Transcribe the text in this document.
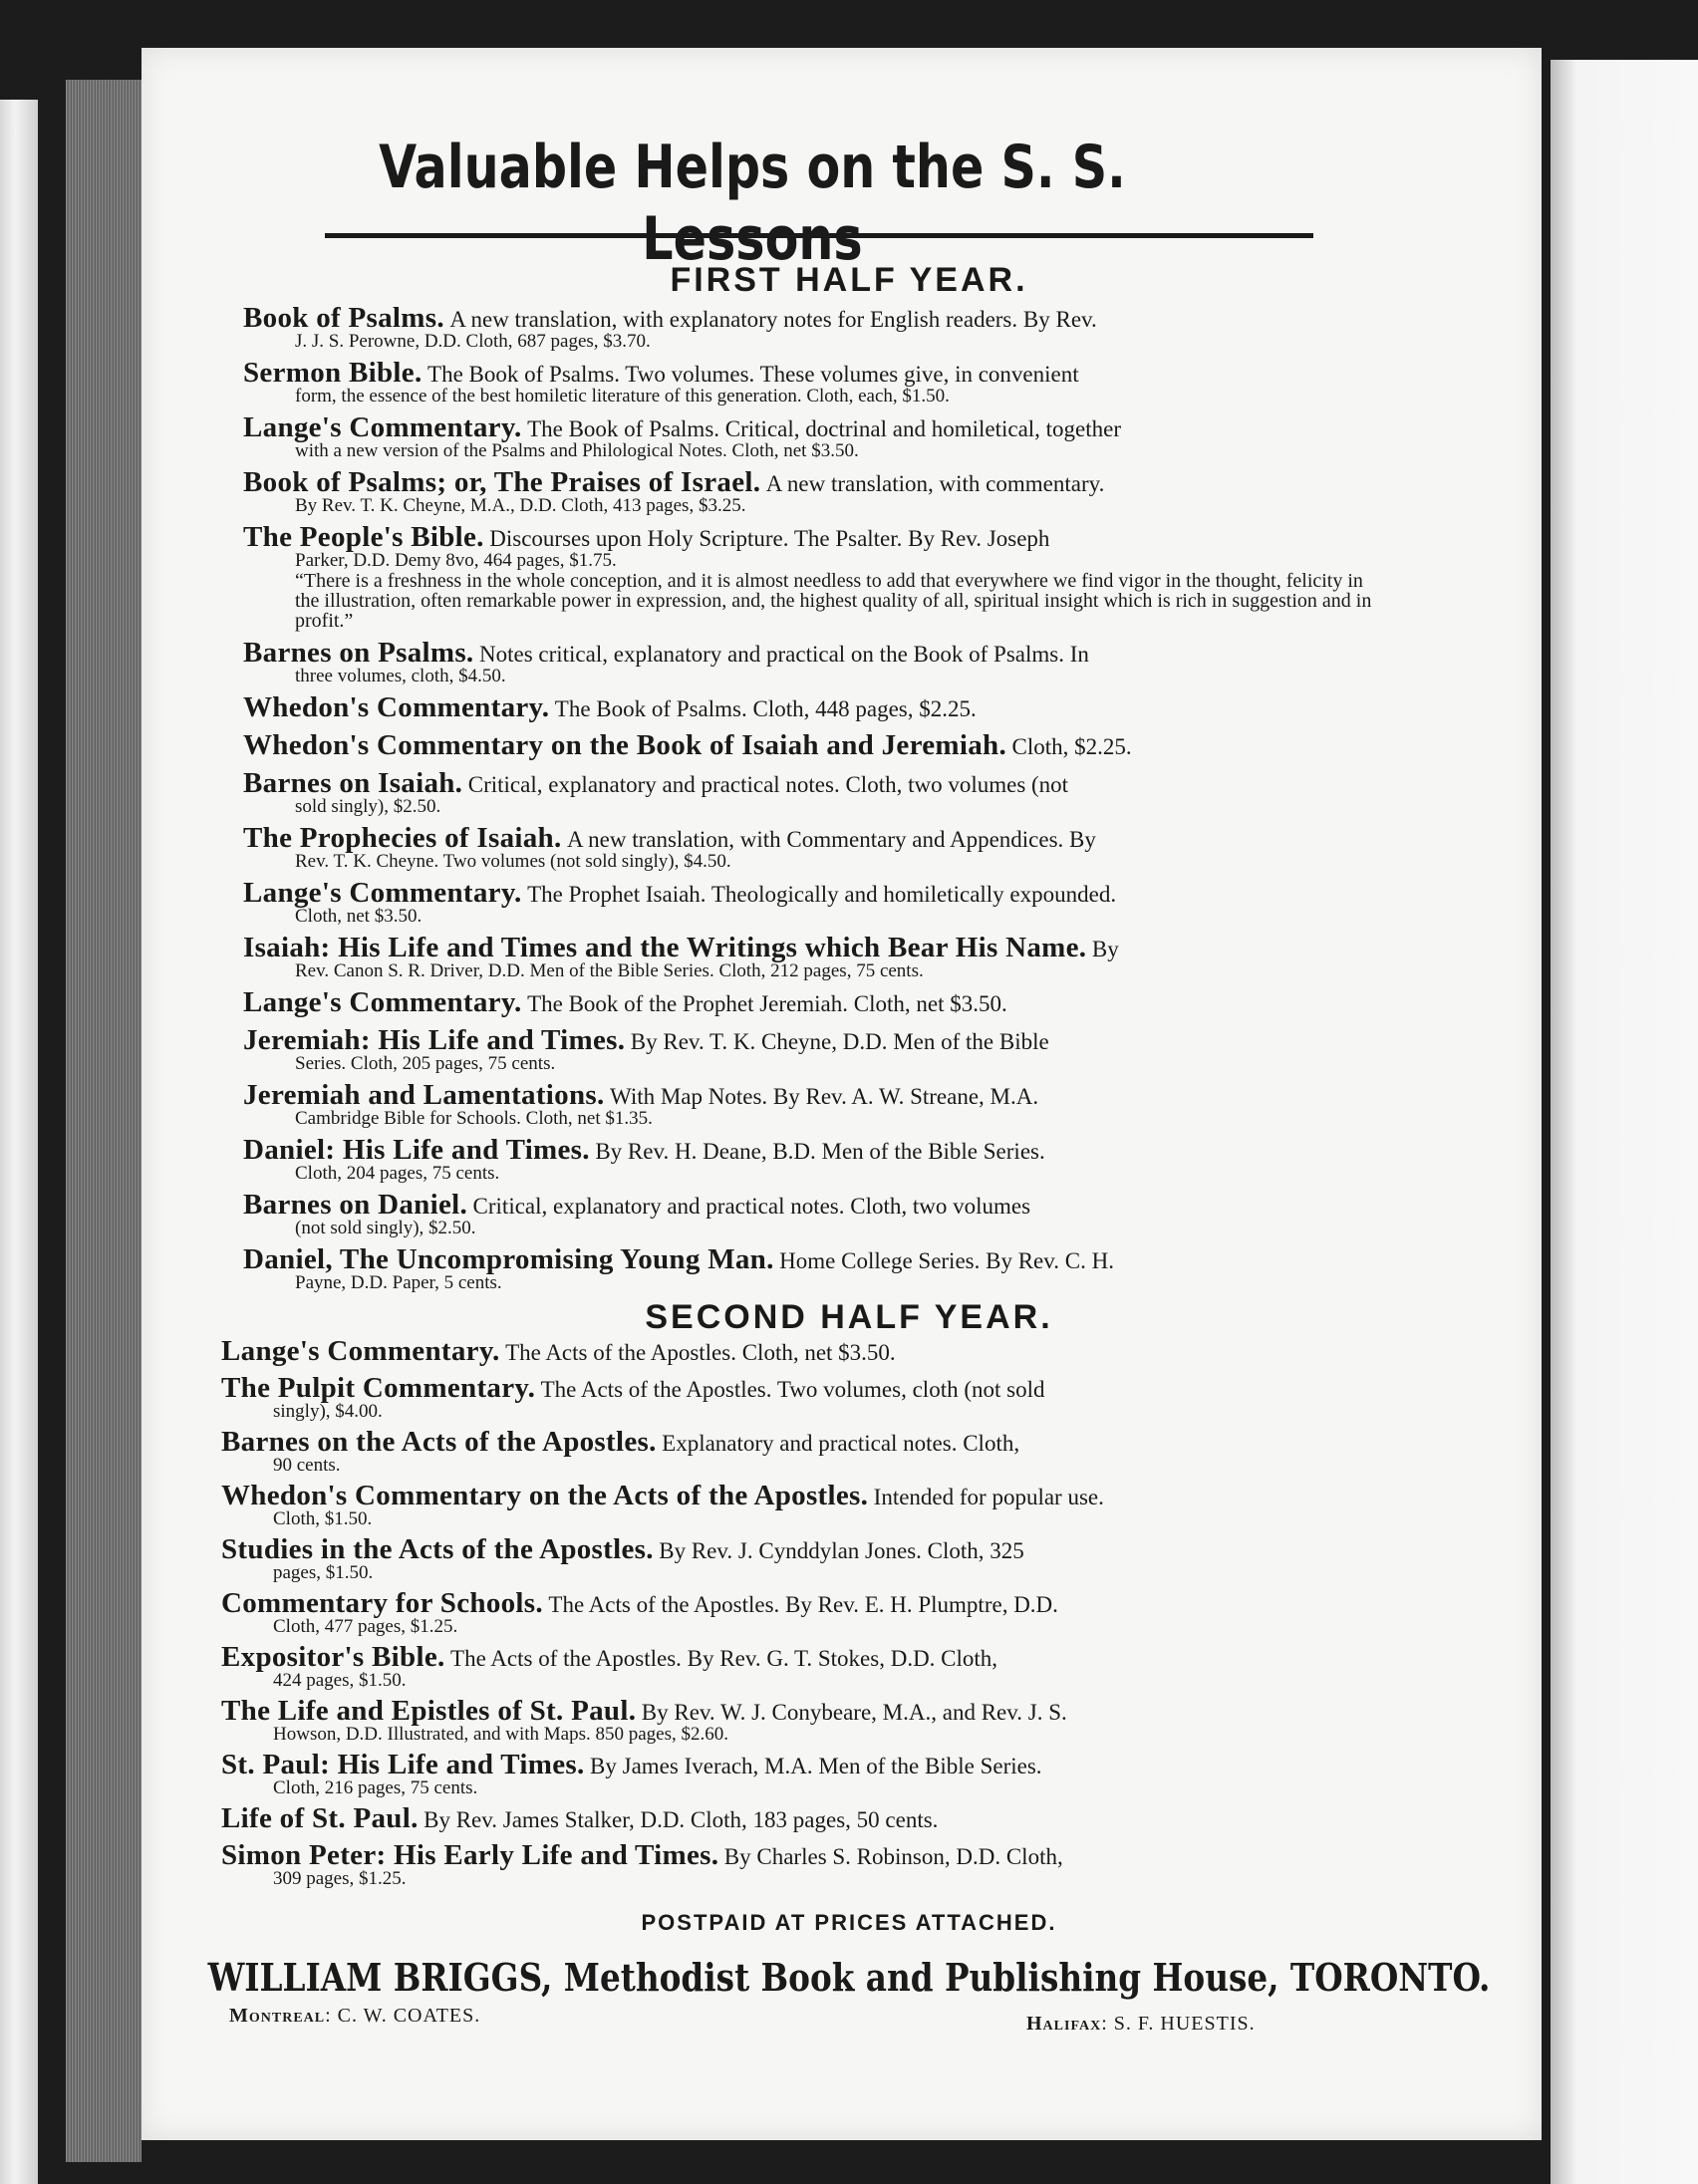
Valuable Helps on the S. S. Lessons
FIRST HALF YEAR.
Book of Psalms. A new translation, with explanatory notes for English readers. By Rev.
J. J. S. Perowne, D.D. Cloth, 687 pages, $3.70.
Sermon Bible. The Book of Psalms. Two volumes. These volumes give, in convenient
form, the essence of the best homiletic literature of this generation. Cloth, each, $1.50.
Lange's Commentary. The Book of Psalms. Critical, doctrinal and homiletical, together
with a new version of the Psalms and Philological Notes. Cloth, net $3.50.
Book of Psalms; or, The Praises of Israel. A new translation, with commentary.
By Rev. T. K. Cheyne, M.A., D.D. Cloth, 413 pages, $3.25.
The People's Bible. Discourses upon Holy Scripture. The Psalter. By Rev. Joseph
Parker, D.D. Demy 8vo, 464 pages, $1.75.
“There is a freshness in the whole conception, and it is almost needless to add that everywhere we find vigor in the thought, felicity in the illustration, often remarkable power in expression, and, the highest quality of all, spiritual insight which is rich in suggestion and in profit.”
Barnes on Psalms. Notes critical, explanatory and practical on the Book of Psalms. In
three volumes, cloth, $4.50.
Whedon's Commentary. The Book of Psalms. Cloth, 448 pages, $2.25.
Whedon's Commentary on the Book of Isaiah and Jeremiah. Cloth, $2.25.
Barnes on Isaiah. Critical, explanatory and practical notes. Cloth, two volumes (not
sold singly), $2.50.
The Prophecies of Isaiah. A new translation, with Commentary and Appendices. By
Rev. T. K. Cheyne. Two volumes (not sold singly), $4.50.
Lange's Commentary. The Prophet Isaiah. Theologically and homiletically expounded.
Cloth, net $3.50.
Isaiah: His Life and Times and the Writings which Bear His Name. By
Rev. Canon S. R. Driver, D.D. Men of the Bible Series. Cloth, 212 pages, 75 cents.
Lange's Commentary. The Book of the Prophet Jeremiah. Cloth, net $3.50.
Jeremiah: His Life and Times. By Rev. T. K. Cheyne, D.D. Men of the Bible
Series. Cloth, 205 pages, 75 cents.
Jeremiah and Lamentations. With Map Notes. By Rev. A. W. Streane, M.A.
Cambridge Bible for Schools. Cloth, net $1.35.
Daniel: His Life and Times. By Rev. H. Deane, B.D. Men of the Bible Series.
Cloth, 204 pages, 75 cents.
Barnes on Daniel. Critical, explanatory and practical notes. Cloth, two volumes
(not sold singly), $2.50.
Daniel, The Uncompromising Young Man. Home College Series. By Rev. C. H.
Payne, D.D. Paper, 5 cents.
SECOND HALF YEAR.
Lange's Commentary. The Acts of the Apostles. Cloth, net $3.50.
The Pulpit Commentary. The Acts of the Apostles. Two volumes, cloth (not sold
singly), $4.00.
Barnes on the Acts of the Apostles. Explanatory and practical notes. Cloth,
90 cents.
Whedon's Commentary on the Acts of the Apostles. Intended for popular use.
Cloth, $1.50.
Studies in the Acts of the Apostles. By Rev. J. Cynddylan Jones. Cloth, 325
pages, $1.50.
Commentary for Schools. The Acts of the Apostles. By Rev. E. H. Plumptre, D.D.
Cloth, 477 pages, $1.25.
Expositor's Bible. The Acts of the Apostles. By Rev. G. T. Stokes, D.D. Cloth,
424 pages, $1.50.
The Life and Epistles of St. Paul. By Rev. W. J. Conybeare, M.A., and Rev. J. S.
Howson, D.D. Illustrated, and with Maps. 850 pages, $2.60.
St. Paul: His Life and Times. By James Iverach, M.A. Men of the Bible Series.
Cloth, 216 pages, 75 cents.
Life of St. Paul. By Rev. James Stalker, D.D. Cloth, 183 pages, 50 cents.
Simon Peter: His Early Life and Times. By Charles S. Robinson, D.D. Cloth,
309 pages, $1.25.
POSTPAID AT PRICES ATTACHED.
WILLIAM BRIGGS, Methodist Book and Publishing House, TORONTO.
Montreal: C. W. COATES.	Halifax: S. F. HUESTIS.
